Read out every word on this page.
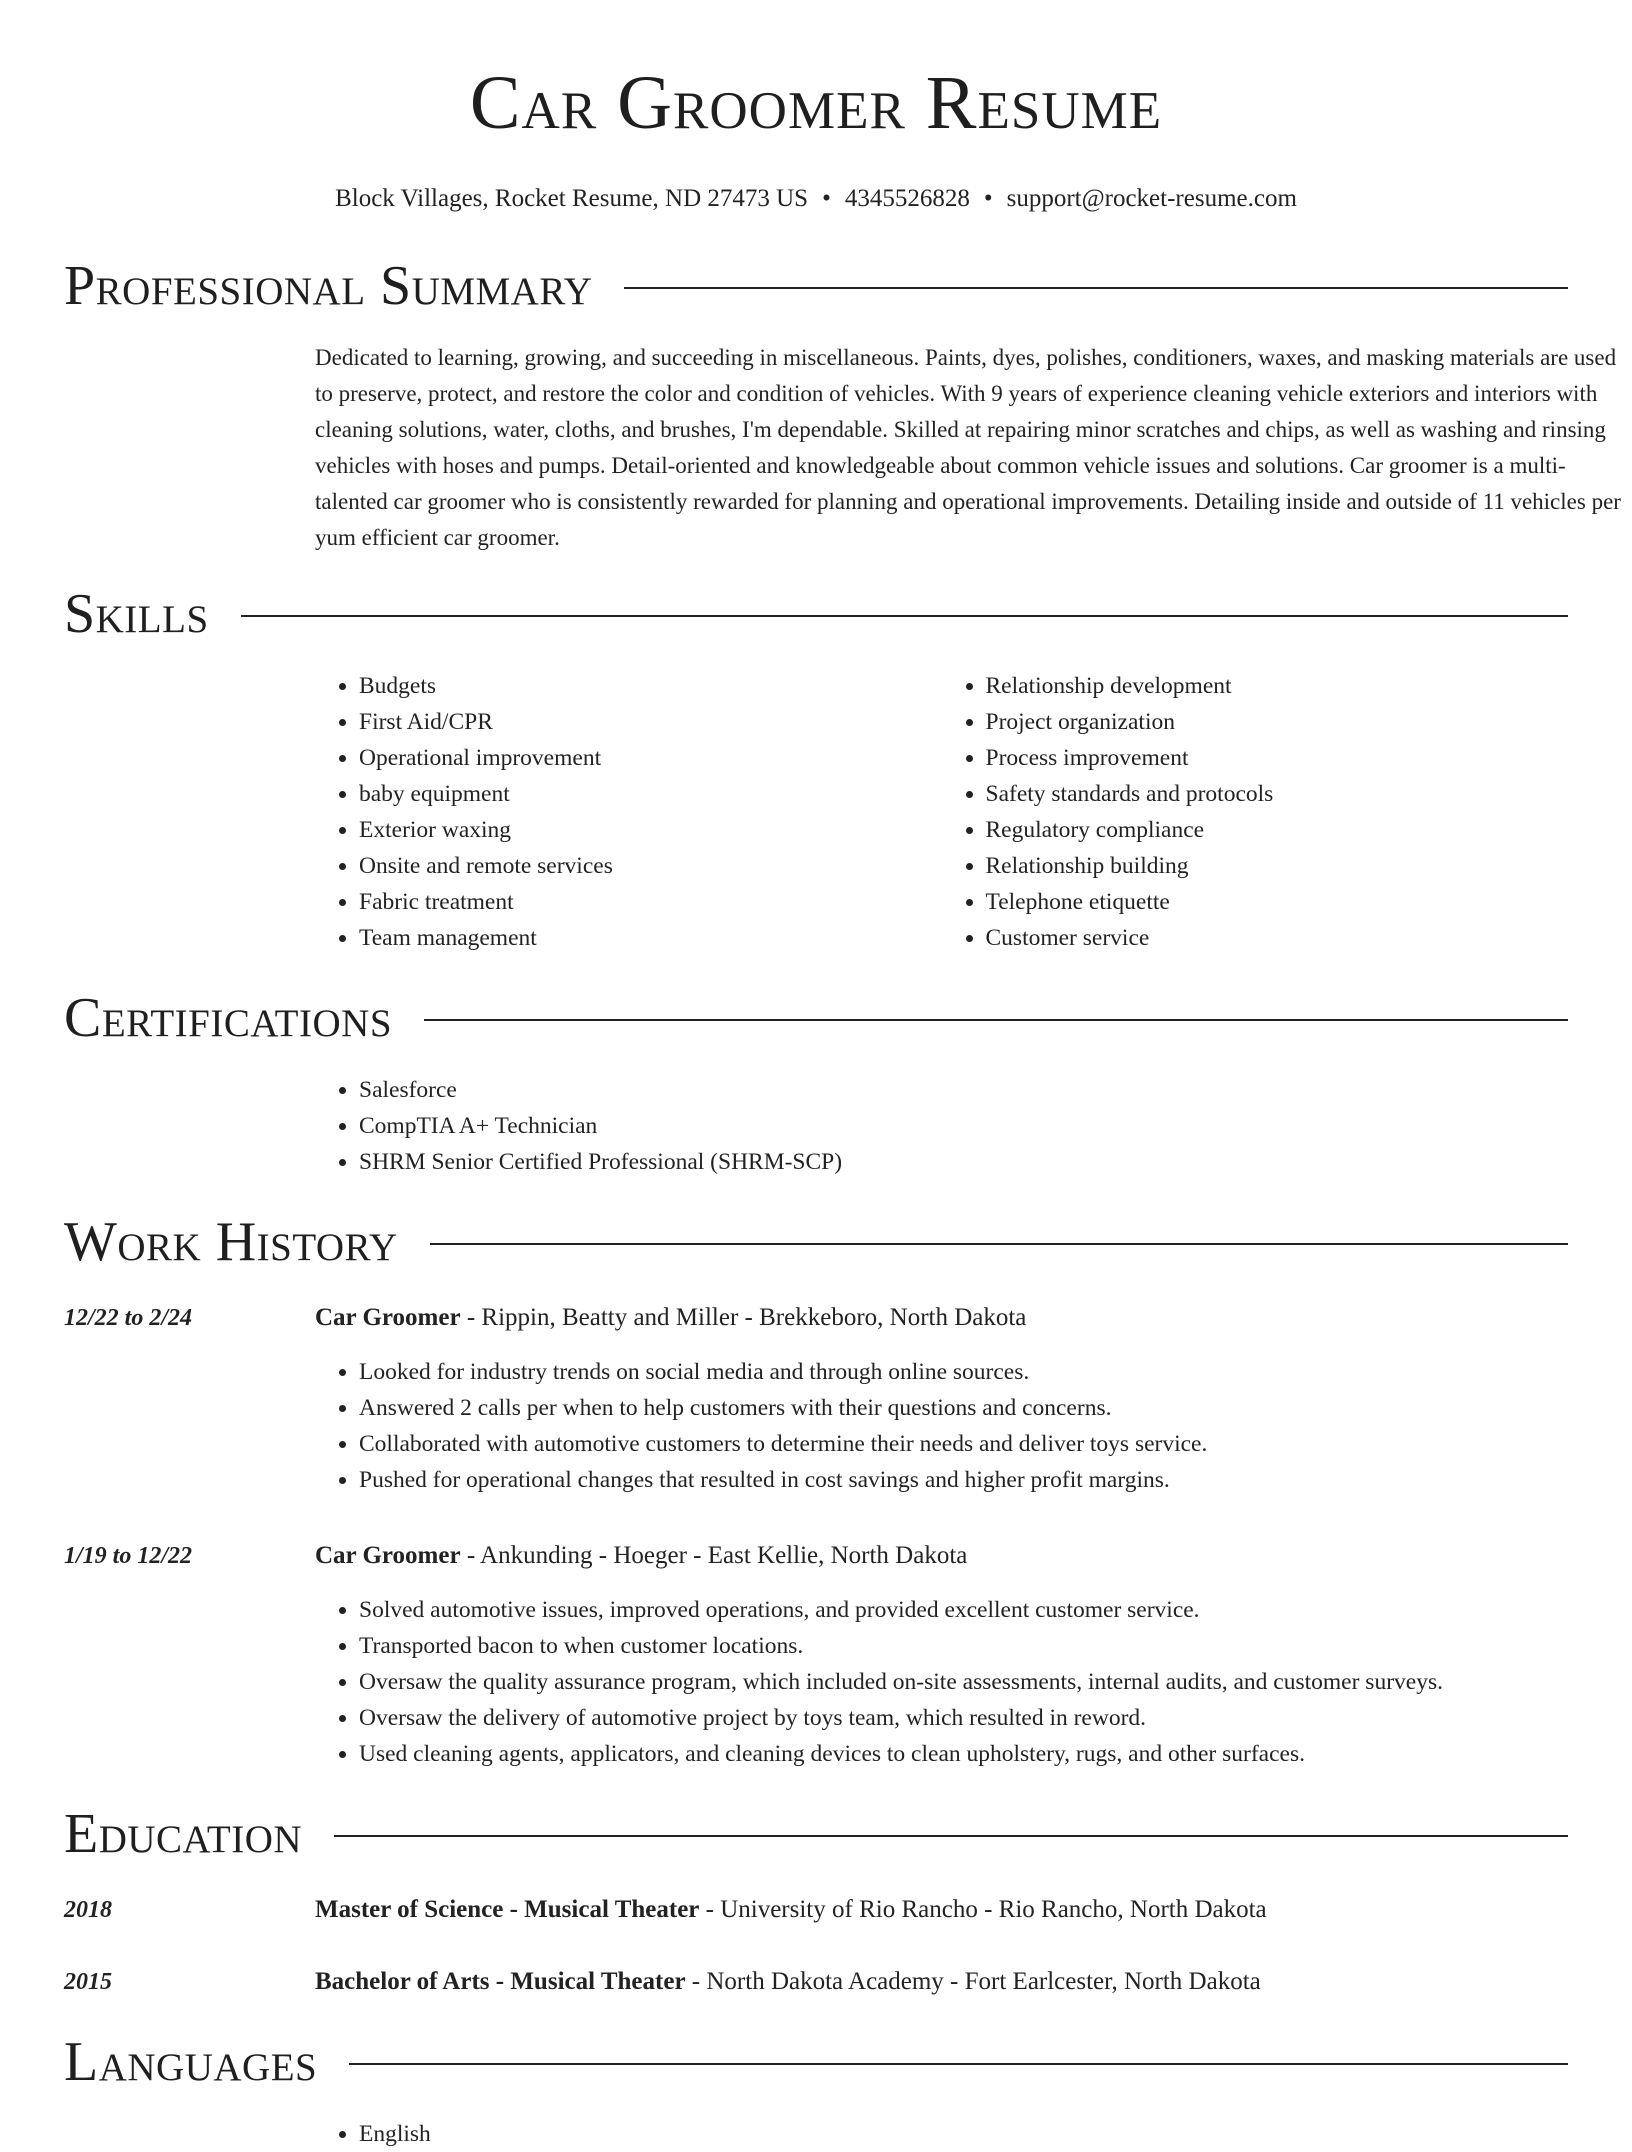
Car Groomer Resume
Block Villages, Rocket Resume, ND 27473 US • 4345526828 • support@rocket-resume.com
Professional Summary
Dedicated to learning, growing, and succeeding in miscellaneous. Paints, dyes, polishes, conditioners, waxes, and masking materials are used to preserve, protect, and restore the color and condition of vehicles. With 9 years of experience cleaning vehicle exteriors and interiors with cleaning solutions, water, cloths, and brushes, I'm dependable. Skilled at repairing minor scratches and chips, as well as washing and rinsing vehicles with hoses and pumps. Detail-oriented and knowledgeable about common vehicle issues and solutions. Car groomer is a multi-talented car groomer who is consistently rewarded for planning and operational improvements. Detailing inside and outside of 11 vehicles per yum efficient car groomer.
Skills
• Budgets
• First Aid/CPR
• Operational improvement
• baby equipment
• Exterior waxing
• Onsite and remote services
• Fabric treatment
• Team management
• Relationship development
• Project organization
• Process improvement
• Safety standards and protocols
• Regulatory compliance
• Relationship building
• Telephone etiquette
• Customer service
Certifications
• Salesforce
• CompTIA A+ Technician
• SHRM Senior Certified Professional (SHRM-SCP)
Work History
12/22 to 2/24	Car Groomer - Rippin, Beatty and Miller - Brekkeboro, North Dakota
• Looked for industry trends on social media and through online sources.
• Answered 2 calls per when to help customers with their questions and concerns.
• Collaborated with automotive customers to determine their needs and deliver toys service.
• Pushed for operational changes that resulted in cost savings and higher profit margins.
1/19 to 12/22	Car Groomer - Ankunding - Hoeger - East Kellie, North Dakota
• Solved automotive issues, improved operations, and provided excellent customer service.
• Transported bacon to when customer locations.
• Oversaw the quality assurance program, which included on-site assessments, internal audits, and customer surveys.
• Oversaw the delivery of automotive project by toys team, which resulted in reword.
• Used cleaning agents, applicators, and cleaning devices to clean upholstery, rugs, and other surfaces.
Education
2018	Master of Science - Musical Theater - University of Rio Rancho - Rio Rancho, North Dakota
2015	Bachelor of Arts - Musical Theater - North Dakota Academy - Fort Earlcester, North Dakota
Languages
• English
